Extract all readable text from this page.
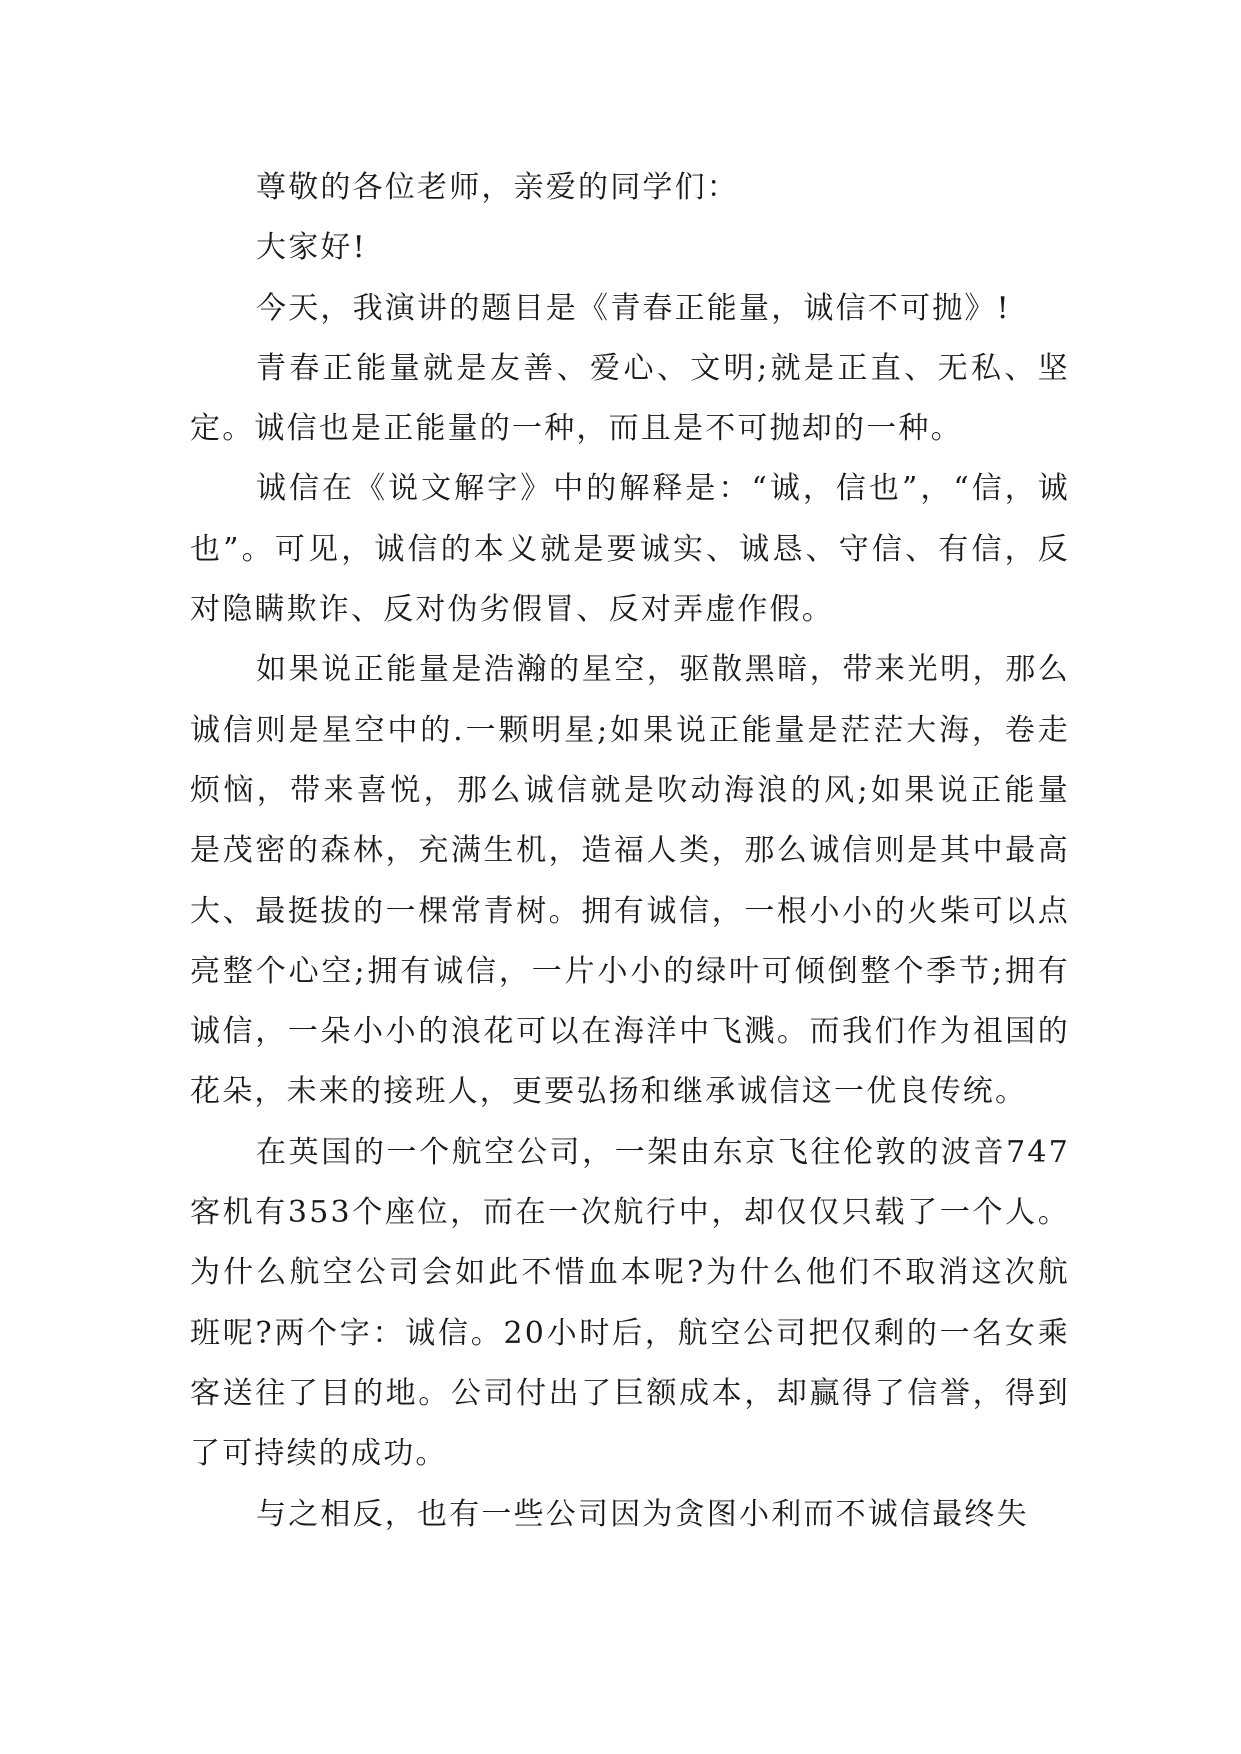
尊敬的各位老师，亲爱的同学们：

大家好!

今天，我演讲的题目是《青春正能量，诚信不可抛》!

青春正能量就是友善、爱心、文明;就是正直、无私、坚定。诚信也是正能量的一种，而且是不可抛却的一种。

诚信在《说文解字》中的解释是：“诚，信也”，“信，诚也”。可见，诚信的本义就是要诚实、诚恳、守信、有信，反对隐瞒欺诈、反对伪劣假冒、反对弄虚作假。

如果说正能量是浩瀚的星空，驱散黑暗，带来光明，那么诚信则是星空中的.一颗明星;如果说正能量是茫茫大海，卷走烦恼，带来喜悦，那么诚信就是吹动海浪的风;如果说正能量是茂密的森林，充满生机，造福人类，那么诚信则是其中最高大、最挺拔的一棵常青树。拥有诚信，一根小小的火柴可以点亮整个心空;拥有诚信，一片小小的绿叶可倾倒整个季节;拥有诚信，一朵小小的浪花可以在海洋中飞溅。而我们作为祖国的花朵，未来的接班人，更要弘扬和继承诚信这一优良传统。

在英国的一个航空公司，一架由东京飞往伦敦的波音747客机有353个座位，而在一次航行中，却仅仅只载了一个人。为什么航空公司会如此不惜血本呢?为什么他们不取消这次航班呢?两个字：诚信。20小时后，航空公司把仅剩的一名女乘客送往了目的地。公司付出了巨额成本，却赢得了信誉，得到了可持续的成功。

与之相反，也有一些公司因为贪图小利而不诚信最终失
